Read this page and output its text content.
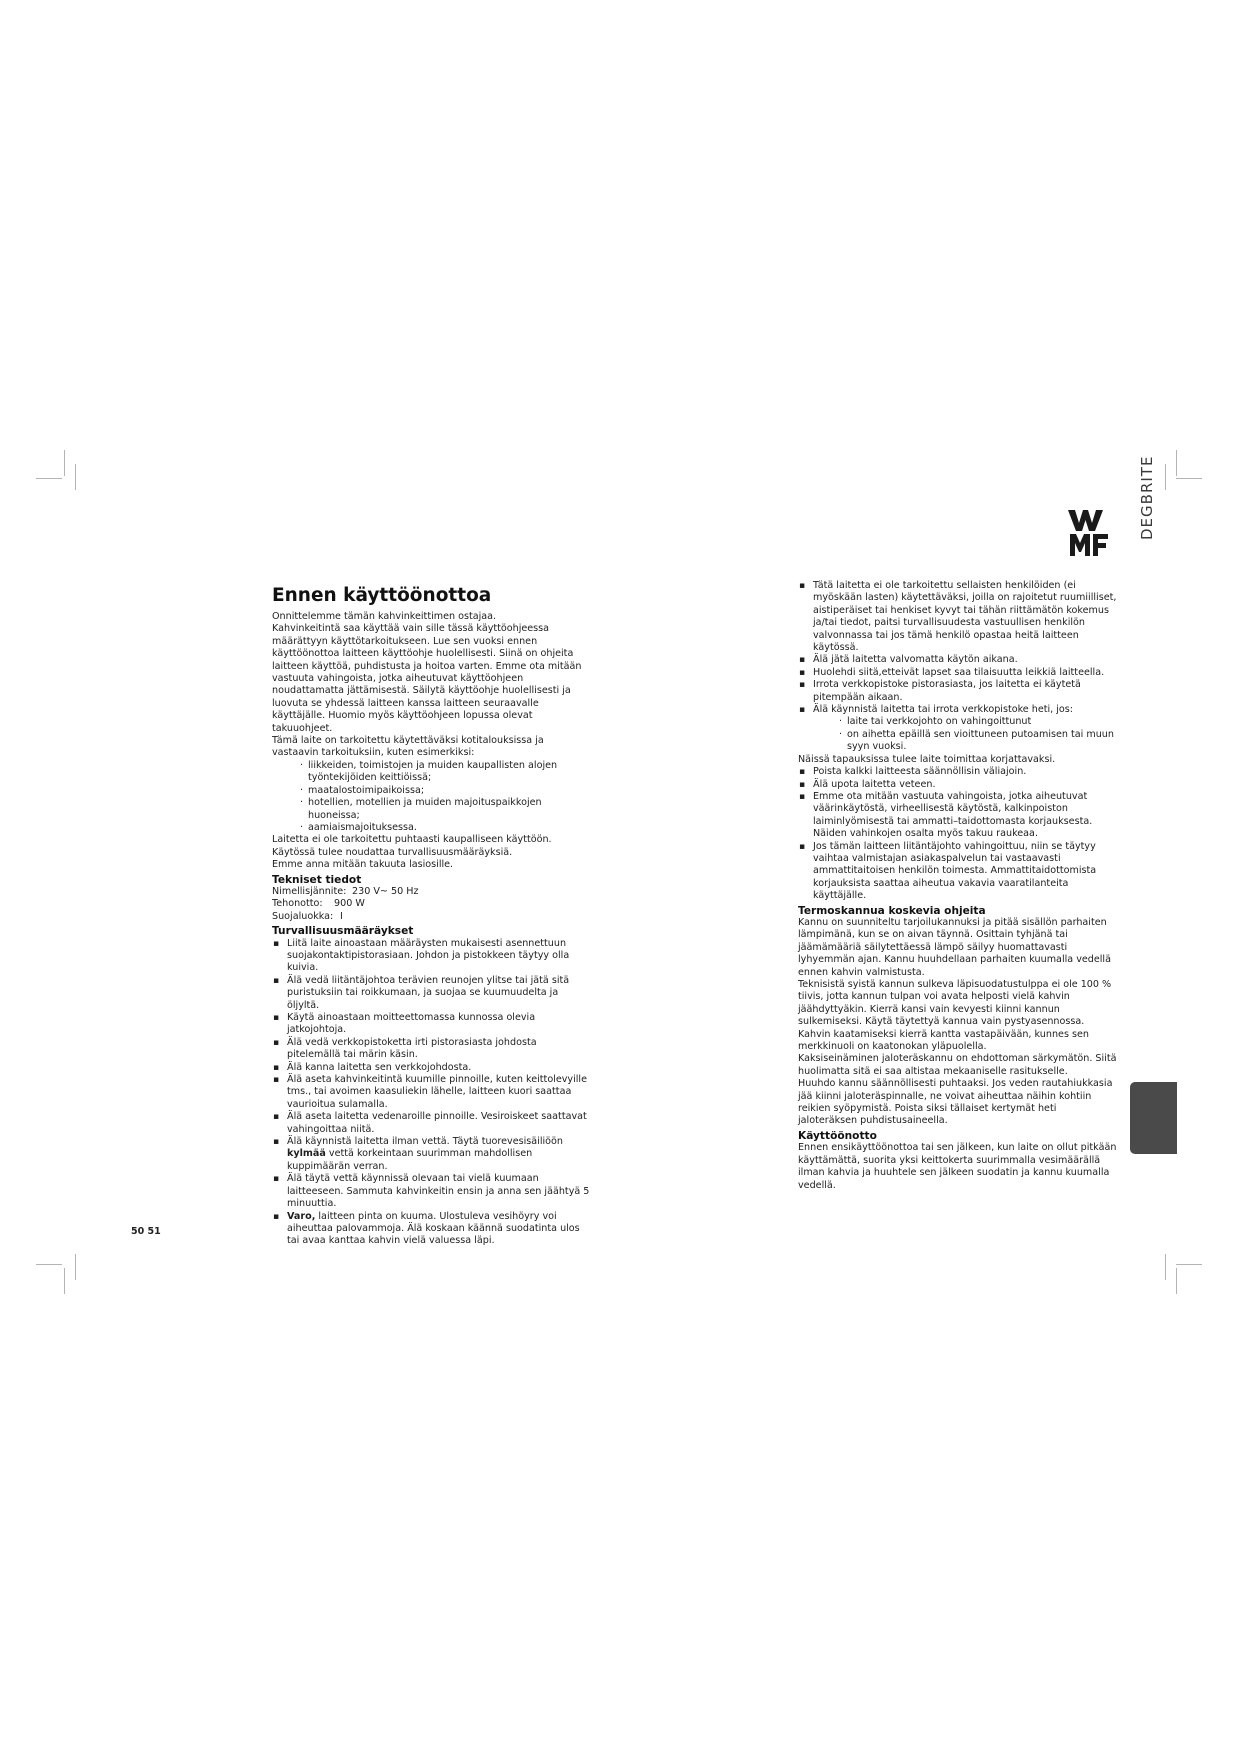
DEGBRITE
50 51
Ennen käyttöönottoa

Onnittelemme tämän kahvinkeittimen ostajaa.

Kahvinkeitintä saa käyttää vain sille tässä käyttöohjeessa määrättyyn käyttötarkoitukseen. Lue sen vuoksi ennen käyttöönottoa laitteen käyttöohje huolellisesti. Siinä on ohjeita laitteen käyttöä, puhdistusta ja hoitoa varten. Emme ota mitään vastuuta vahingoista, jotka aiheutuvat käyttöohjeen noudattamatta jättämisestä. Säilytä käyttöohje huolellisesti ja luovuta se yhdessä laitteen kanssa laitteen seuraavalle käyttäjälle. Huomio myös käyttöohjeen lopussa olevat takuuohjeet.

Tämä laite on tarkoitettu käytettäväksi kotitalouksissa ja vastaavin tarkoituksiin, kuten esimerkiksi:

· liikkeiden, toimistojen ja muiden kaupallisten alojen työntekijöiden keittiöissä;
· maatalostoimipaikoissa;
· hotellien, motellien ja muiden majoituspaikkojen huoneissa;
· aamiaismajoituksessa.

Laitetta ei ole tarkoitettu puhtaasti kaupalliseen käyttöön.

Käytössä tulee noudattaa turvallisuusmääräyksiä.

Emme anna mitään takuuta lasiosille.

Tekniset tiedot
Nimellisjännite: 230 V~ 50 Hz
Tehonotto:	900 W
Suojaluokka: I
Turvallisuusmääräykset
▪ Liitä laite ainoastaan määräysten mukaisesti asennettuun suojakontaktipistorasiaan. Johdon ja pistokkeen täytyy olla kuivia.
▪ Älä vedä liitäntäjohtoa terävien reunojen ylitse tai jätä sitä puristuksiin tai roikkumaan, ja suojaa se kuumuudelta ja öljyltä.
▪ Käytä ainoastaan moitteettomassa kunnossa olevia jatkojohtoja.
▪ Älä vedä verkkopistoketta irti pistorasiasta johdosta pitelemällä tai märin käsin.
▪ Älä kanna laitetta sen verkkojohdosta.
▪ Älä aseta kahvinkeitintä kuumille pinnoille, kuten keittolevyille tms., tai avoimen kaasuliekin lähelle, laitteen kuori saattaa vaurioitua sulamalla.
▪ Älä aseta laitetta vedenaroille pinnoille. Vesiroiskeet saattavat vahingoittaa niitä.
▪ Älä käynnistä laitetta ilman vettä. Täytä tuorevesisäiliöön kylmää vettä korkeintaan suurimman mahdollisen kuppimäärän verran.
▪ Älä täytä vettä käynnissä olevaan tai vielä kuumaan laitteeseen. Sammuta kahvinkeitin ensin ja anna sen jäähtyä 5 minuuttia.
▪ Varo, laitteen pinta on kuuma. Ulostuleva vesihöyry voi aiheuttaa palovammoja. Älä koskaan käännä suodatinta ulos tai avaa kanttaa kahvin vielä valuessa läpi.
▪ Tätä laitetta ei ole tarkoitettu sellaisten henkilöiden (ei myöskään lasten) käytettäväksi, joilla on rajoitetut ruumiilliset, aistiperäiset tai henkiset kyvyt tai tähän riittämätön kokemus ja/tai tiedot, paitsi turvallisuudesta vastuullisen henkilön valvonnassa tai jos tämä henkilö opastaa heitä laitteen käytössä.
▪ Älä jätä laitetta valvomatta käytön aikana.
▪ Huolehdi siitä,etteivät lapset saa tilaisuutta leikkiä laitteella.
▪ Irrota verkkopistoke pistorasiasta, jos laitetta ei käytetä pitempään aikaan.
▪ Älä käynnistä laitetta tai irrota verkkopistoke heti, jos:
· laite tai verkkojohto on vahingoittunut
· on aihetta epäillä sen vioittuneen putoamisen tai muun syyn vuoksi.

Näissä tapauksissa tulee laite toimittaa korjattavaksi.

▪ Poista kalkki laitteesta säännöllisin väliajoin.
▪ Älä upota laitetta veteen.
▪ Emme ota mitään vastuuta vahingoista, jotka aiheutuvat väärinkäytöstä, virheellisestä käytöstä, kalkinpoiston laiminlyömisestä tai ammatti–taidottomasta korjauksesta. Näiden vahinkojen osalta myös takuu raukeaa.
▪ Jos tämän laitteen liitäntäjohto vahingoittuu, niin se täytyy vaihtaa valmistajan asiakaspalvelun tai vastaavasti ammattitaitoisen henkilön toimesta. Ammattitaidottomista korjauksista saattaa aiheutua vakavia vaaratilanteita käyttäjälle.
Termoskannua koskevia ohjeita

Kannu on suunniteltu tarjoilukannuksi ja pitää sisällön parhaiten lämpimänä, kun se on aivan täynnä. Osittain tyhjänä tai jäämämääriä säilytettäessä lämpö säilyy huomattavasti lyhyemmän ajan. Kannu huuhdellaan parhaiten kuumalla vedellä ennen kahvin valmistusta.

Teknisistä syistä kannun sulkeva läpisuodatustulppa ei ole 100 % tiivis, jotta kannun tulpan voi avata helposti vielä kahvin jäähdyttyäkin. Kierrä kansi vain kevyesti kiinni kannun sulkemiseksi. Käytä täytettyä kannua vain pystyasennossa.

Kahvin kaatamiseksi kierrä kantta vastapäivään, kunnes sen merkkinuoli on kaatonokan yläpuolella.

Kaksiseinäminen jaloteräskannu on ehdottoman särkymätön. Siitä huolimatta sitä ei saa altistaa mekaaniselle rasitukselle.

Huuhdo kannu säännöllisesti puhtaaksi. Jos veden rautahiukkasia jää kiinni jaloteräspinnalle, ne voivat aiheuttaa näihin kohtiin reikien syöpymistä. Poista siksi tällaiset kertymät heti jaloteräksen puhdistusaineella.

Käyttöönotto

Ennen ensikäyttöönottoa tai sen jälkeen, kun laite on ollut pitkään käyttämättä, suorita yksi keittokerta suurimmalla vesimäärällä ilman kahvia ja huuhtele sen jälkeen suodatin ja kannu kuumalla vedellä.
